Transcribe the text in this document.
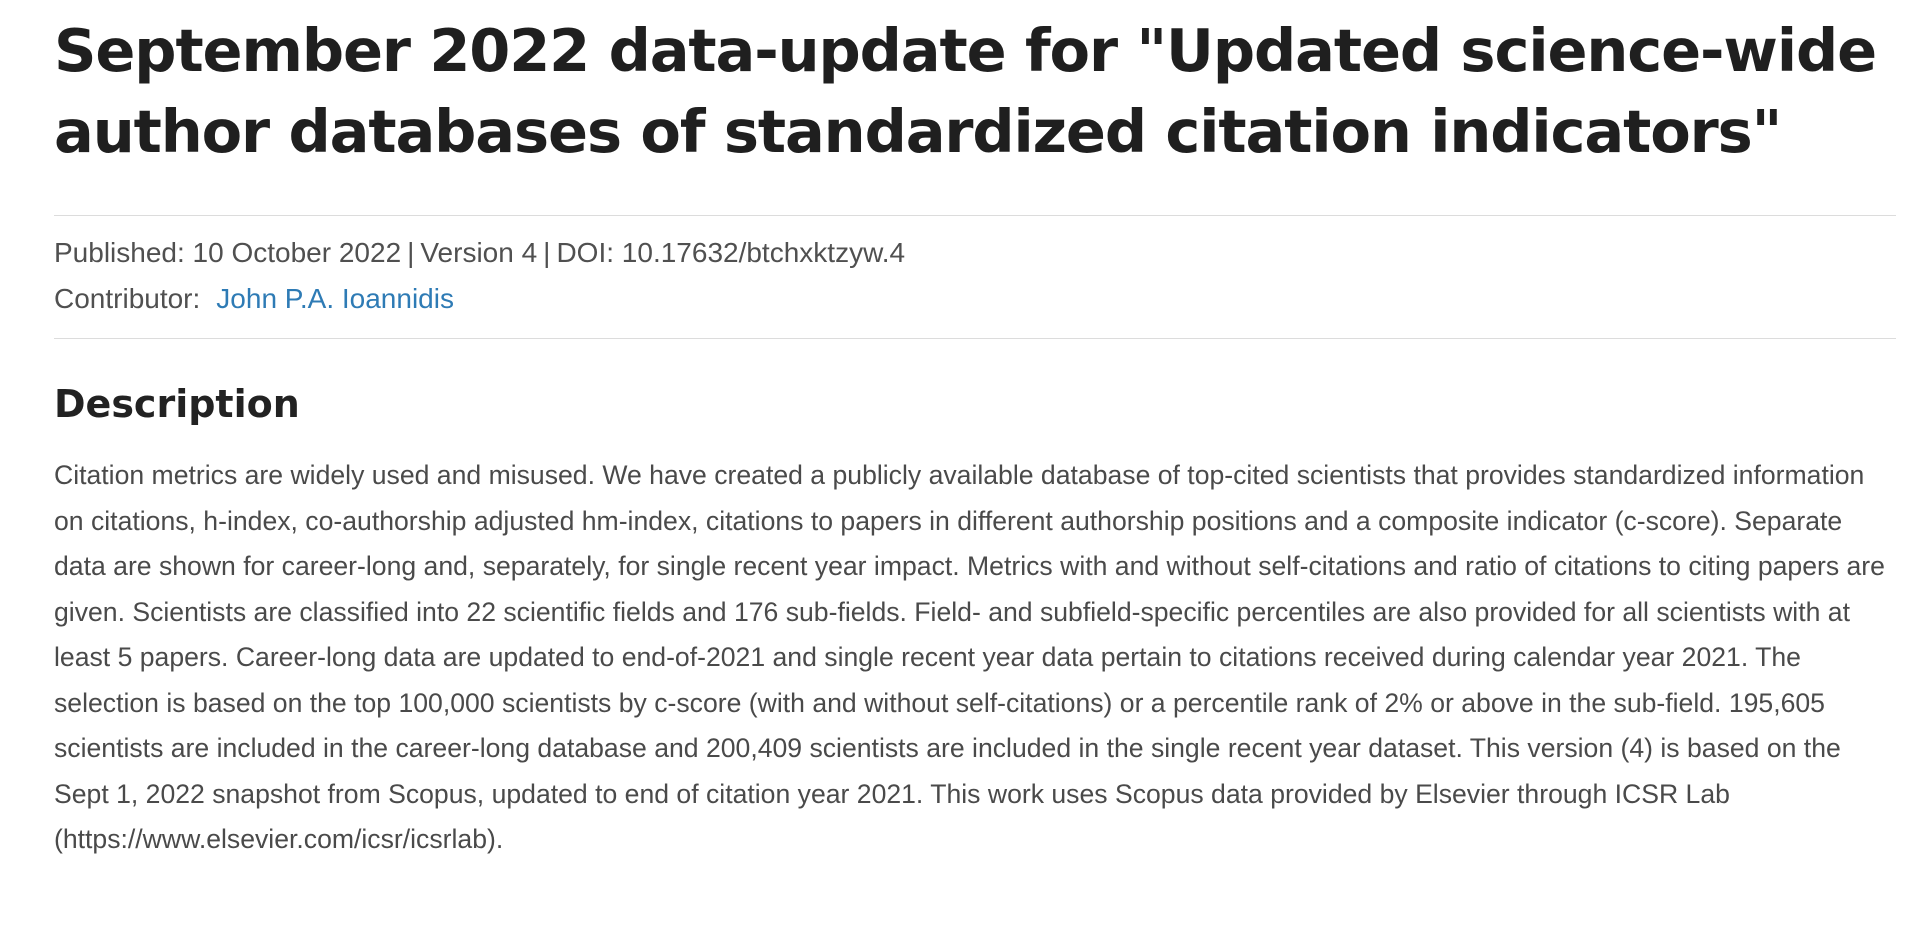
September 2022 data-update for "Updated science-wide author databases of standardized citation indicators"
Published: 10 October 2022 | Version 4 | DOI: 10.17632/btchxktzyw.4
Contributor: John P.A. Ioannidis
Description

Citation metrics are widely used and misused. We have created a publicly available database of top-cited scientists that provides standardized information on citations, h-index, co-authorship adjusted hm-index, citations to papers in different authorship positions and a composite indicator (c-score). Separate data are shown for career-long and, separately, for single recent year impact. Metrics with and without self-citations and ratio of citations to citing papers are given. Scientists are classified into 22 scientific fields and 176 sub-fields. Field- and subfield-specific percentiles are also provided for all scientists with at least 5 papers. Career-long data are updated to end-of-2021 and single recent year data pertain to citations received during calendar year 2021. The selection is based on the top 100,000 scientists by c-score (with and without self-citations) or a percentile rank of 2% or above in the sub-field. 195,605 scientists are included in the career-long database and 200,409 scientists are included in the single recent year dataset. This version (4) is based on the Sept 1, 2022 snapshot from Scopus, updated to end of citation year 2021. This work uses Scopus data provided by Elsevier through ICSR Lab (https://www.elsevier.com/icsr/icsrlab).
